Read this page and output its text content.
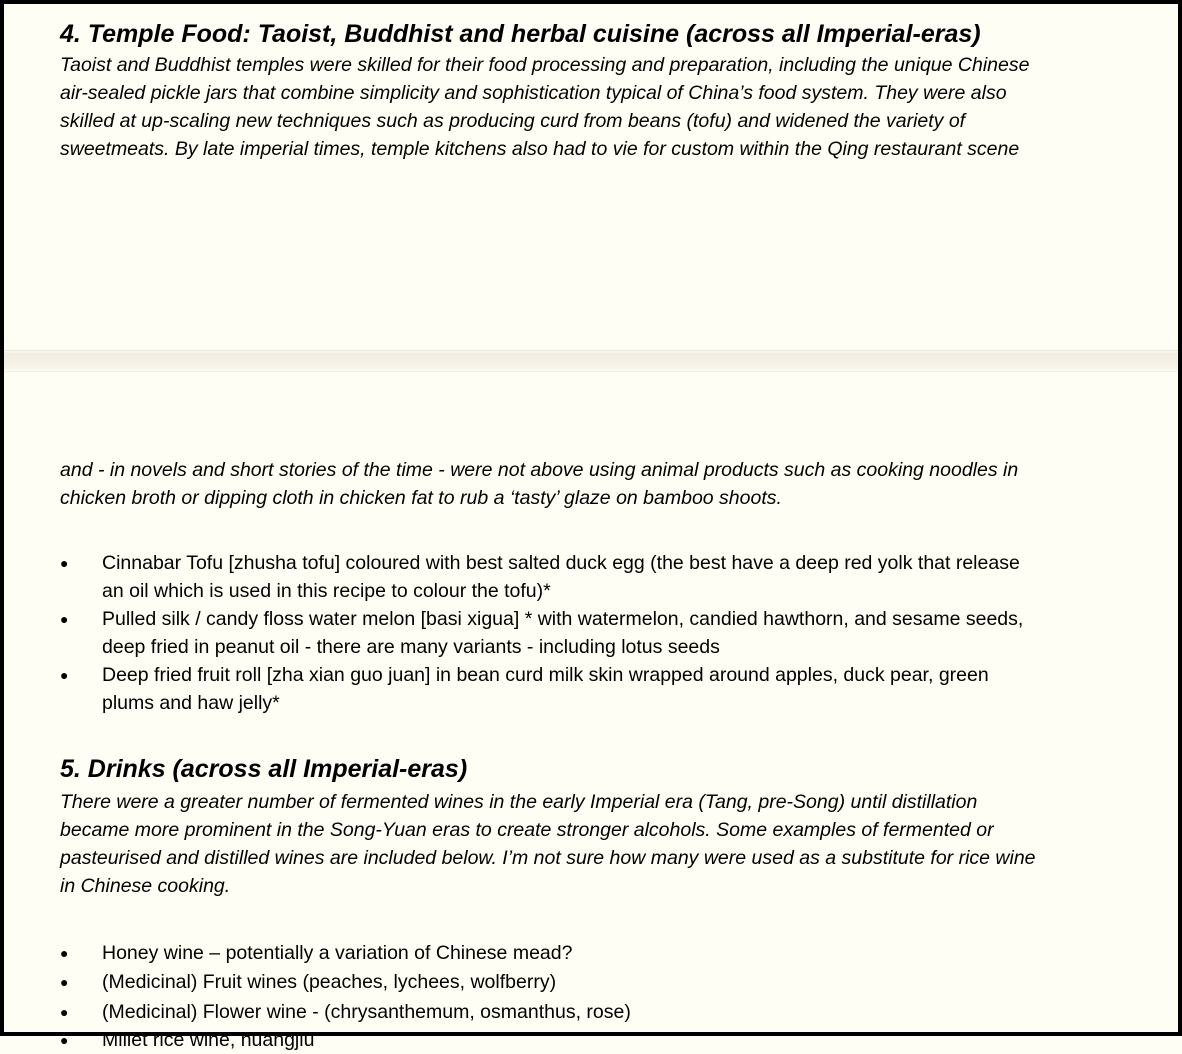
4. Temple Food: Taoist, Buddhist and herbal cuisine (across all Imperial-eras)
Taoist and Buddhist temples were skilled for their food processing and preparation, including the unique Chinese
air-sealed pickle jars that combine simplicity and sophistication typical of China’s food system. They were also
skilled at up-scaling new techniques such as producing curd from beans (tofu) and widened the variety of
sweetmeats. By late imperial times, temple kitchens also had to vie for custom within the Qing restaurant scene
and - in novels and short stories of the time - were not above using animal products such as cooking noodles in
chicken broth or dipping cloth in chicken fat to rub a ‘tasty’ glaze on bamboo shoots.
● Cinnabar Tofu [zhusha tofu] coloured with best salted duck egg (the best have a deep red yolk that release
an oil which is used in this recipe to colour the tofu)*
● Pulled silk / candy floss water melon [basi xigua] * with watermelon, candied hawthorn, and sesame seeds,
deep fried in peanut oil - there are many variants - including lotus seeds
● Deep fried fruit roll [zha xian guo juan] in bean curd milk skin wrapped around apples, duck pear, green
plums and haw jelly*
5. Drinks (across all Imperial-eras)
There were a greater number of fermented wines in the early Imperial era (Tang, pre-Song) until distillation
became more prominent in the Song-Yuan eras to create stronger alcohols. Some examples of fermented or
pasteurised and distilled wines are included below. I’m not sure how many were used as a substitute for rice wine
in Chinese cooking.
● Honey wine – potentially a variation of Chinese mead?
● (Medicinal) Fruit wines (peaches, lychees, wolfberry)
● (Medicinal) Flower wine - (chrysanthemum, osmanthus, rose)
● Millet rice wine, huangjiu
